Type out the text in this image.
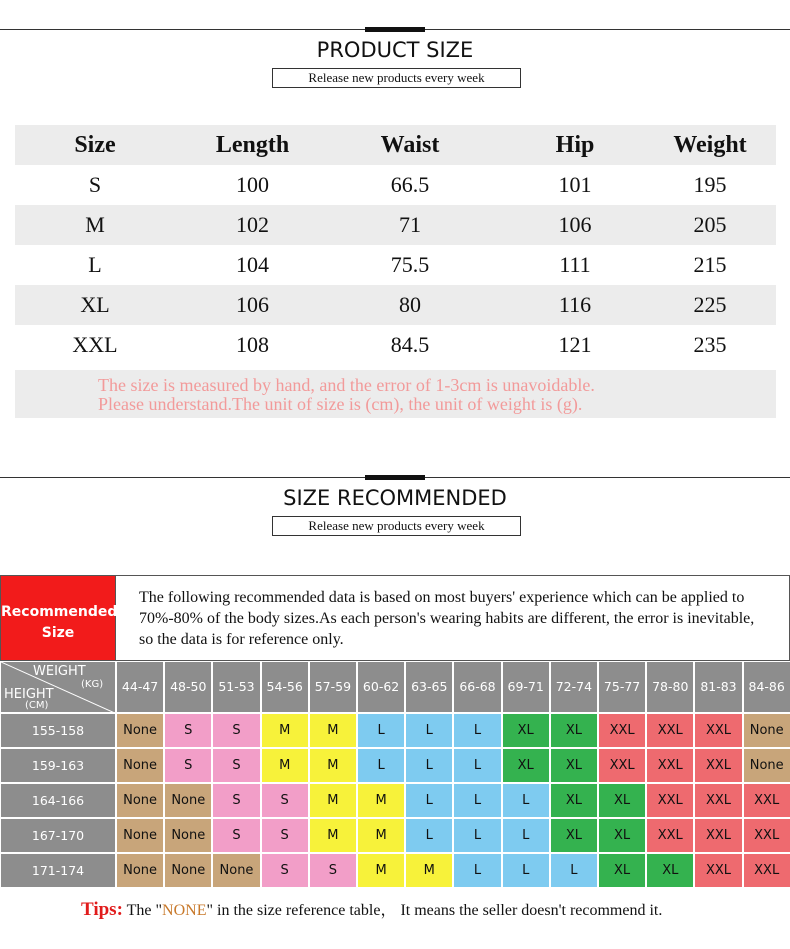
PRODUCT SIZE
Release new products every week
Size	Length	Waist	Hip	Weight
S	100	66.5	101	195
M	102	71	106	205
L	104	75.5	111	215
XL	106	80	116	225
XXL	108	84.5	121	235
The size is measured by hand, and the error of 1-3cm is unavoidable.
Please understand.The unit of size is (cm), the unit of weight is (g).
SIZE RECOMMENDED
Release new products every week
Recommended
Size
The following recommended data is based on most buyers' experience which can be applied to 70%-80% of the body sizes.As each person's wearing habits are different, the error is inevitable, so the data is for reference only.
WEIGHT
(KG)
HEIGHT
(CM)
44-47 48-50 51-53 54-56 57-59 60-62 63-65 66-68 69-71 72-74 75-77 78-80 81-83 84-86
155-158	None	S	S	M	M	L	L	L	XL	XL	XXL	XXL	XXL	None
159-163	None	S	S	M	M	L	L	L	XL	XL	XXL	XXL	XXL	None
164-166	None	None	S	S	M	M	L	L	L	XL	XL	XXL	XXL	XXL
167-170	None	None	S	S	M	M	L	L	L	XL	XL	XXL	XXL	XXL
171-174	None	None	None	S	S	M	M	L	L	L	XL	XL	XXL	XXL
Tips: The "NONE" in the size reference table， It means the seller doesn't recommend it.
